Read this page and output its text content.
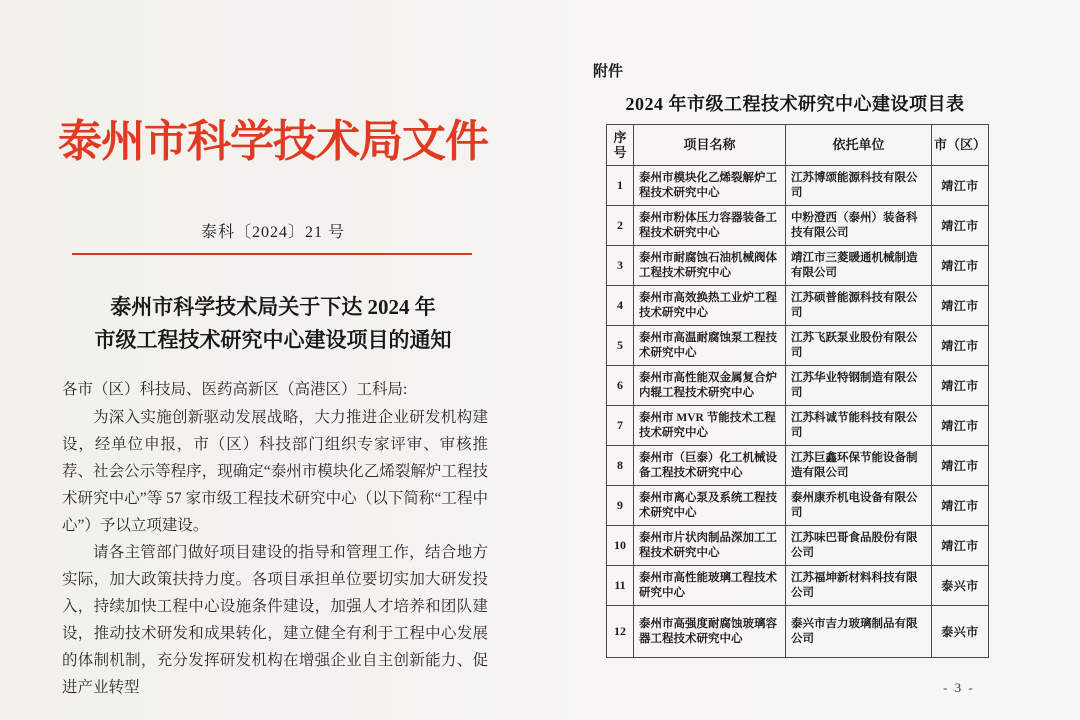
泰州市科学技术局文件
泰科〔2024〕21 号
泰州市科学技术局关于下达 2024 年
市级工程技术研究中心建设项目的通知

各市（区）科技局、医药高新区（高港区）工科局:

为深入实施创新驱动发展战略，大力推进企业研发机构建设，经单位申报，市（区）科技部门组织专家评审、审核推荐、社会公示等程序，现确定“泰州市模块化乙烯裂解炉工程技术研究中心”等 57 家市级工程技术研究中心（以下简称“工程中心”）予以立项建设。

请各主管部门做好项目建设的指导和管理工作，结合地方实际，加大政策扶持力度。各项目承担单位要切实加大研发投入，持续加快工程中心设施条件建设，加强人才培养和团队建设，推动技术研发和成果转化，建立健全有利于工程中心发展的体制机制，充分发挥研发机构在增强企业自主创新能力、促进产业转型

附件
2024 年市级工程技术研究中心建设项目表
序号	项目名称	依托单位	市（区）
1	泰州市模块化乙烯裂解炉工程技术研究中心	江苏博颂能源科技有限公司	靖江市
2	泰州市粉体压力容器装备工程技术研究中心	中粉澄西（泰州）装备科技有限公司	靖江市
3	泰州市耐腐蚀石油机械阀体工程技术研究中心	靖江市三菱暖通机械制造有限公司	靖江市
4	泰州市高效换热工业炉工程技术研究中心	江苏硕普能源科技有限公司	靖江市
5	泰州市高温耐腐蚀泵工程技术研究中心	江苏飞跃泵业股份有限公司	靖江市
6	泰州市高性能双金属复合炉内辊工程技术研究中心	江苏华业特钢制造有限公司	靖江市
7	泰州市 MVR 节能技术工程技术研究中心	江苏科诚节能科技有限公司	靖江市
8	泰州市（巨泰）化工机械设备工程技术研究中心	江苏巨鑫环保节能设备制造有限公司	靖江市
9	泰州市离心泵及系统工程技术研究中心	泰州康乔机电设备有限公司	靖江市
10	泰州市片状肉制品深加工工程技术研究中心	江苏味巴哥食品股份有限公司	靖江市
11	泰州市高性能玻璃工程技术研究中心	江苏福坤新材料科技有限公司	泰兴市
12	泰州市高强度耐腐蚀玻璃容器工程技术研究中心	泰兴市吉力玻璃制品有限公司	泰兴市
- 3 -
